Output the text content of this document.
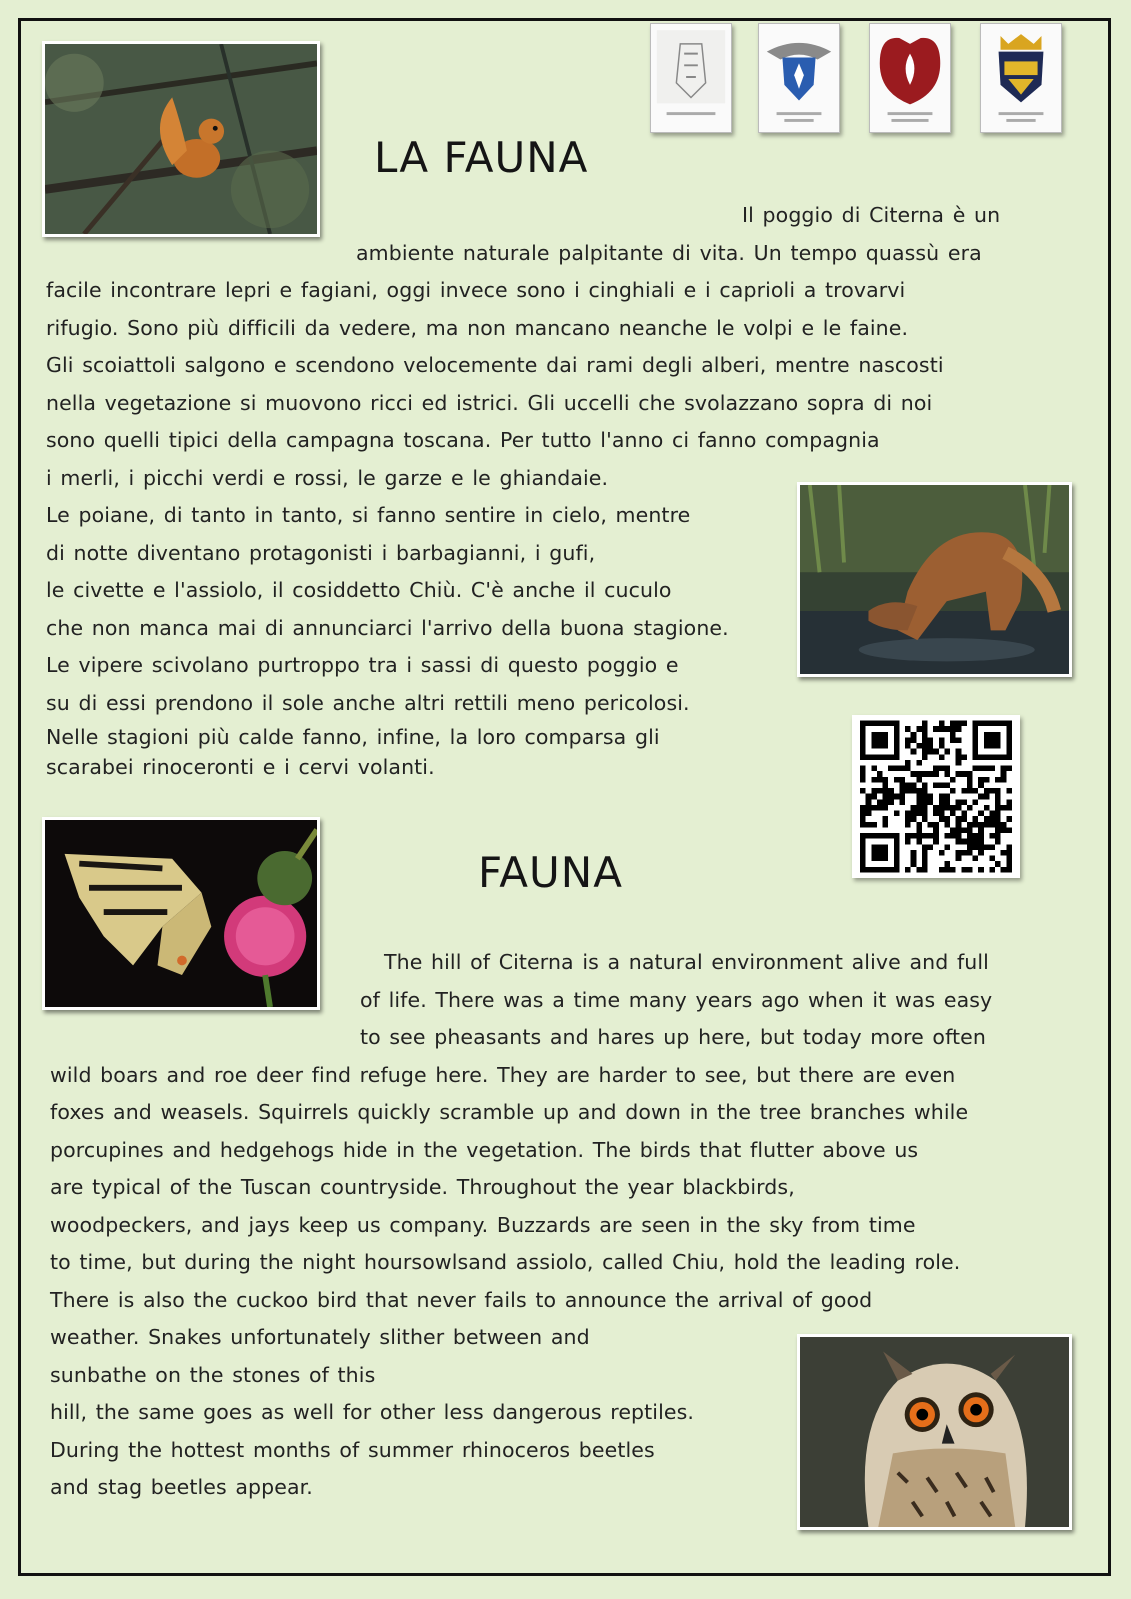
LA FAUNA
Il poggio di Citerna è un
ambiente naturale palpitante di vita. Un tempo quassù era
facile incontrare lepri e fagiani, oggi invece sono i cinghiali e i caprioli a trovarvi
rifugio. Sono più difficili da vedere, ma non mancano neanche le volpi e le faine.
Gli scoiattoli salgono e scendono velocemente dai rami degli alberi, mentre nascosti
nella vegetazione si muovono ricci ed istrici. Gli uccelli che svolazzano sopra di noi
sono quelli tipici della campagna toscana. Per tutto l'anno ci fanno compagnia
i merli, i picchi verdi e rossi, le garze e le ghiandaie.
Le poiane, di tanto in tanto, si fanno sentire in cielo, mentre
di notte diventano protagonisti i barbagianni, i gufi,
le civette e l'assiolo, il cosiddetto Chiù. C'è anche il cuculo
che non manca mai di annunciarci l'arrivo della buona stagione.
Le vipere scivolano purtroppo tra i sassi di questo poggio e
su di essi prendono il sole anche altri rettili meno pericolosi.
Nelle stagioni più calde fanno, infine, la loro comparsa gli
scarabei rinoceronti e i cervi volanti.
FAUNA
The hill of Citerna is a natural environment alive and full
of life. There was a time many years ago when it was easy
to see pheasants and hares up here, but today more often
wild boars and roe deer find refuge here. They are harder to see, but there are even
foxes and weasels. Squirrels quickly scramble up and down in the tree branches while
porcupines and hedgehogs hide in the vegetation. The birds that flutter above us
are typical of the Tuscan countryside. Throughout the year blackbirds,
woodpeckers, and jays keep us company. Buzzards are seen in the sky from time
to time, but during the night hoursowlsand assiolo, called Chiu, hold the leading role.
There is also the cuckoo bird that never fails to announce the arrival of good
weather. Snakes unfortunately slither between and
sunbathe on the stones of this
hill, the same goes as well for other less dangerous reptiles.
During the hottest months of summer rhinoceros beetles
and stag beetles appear.
